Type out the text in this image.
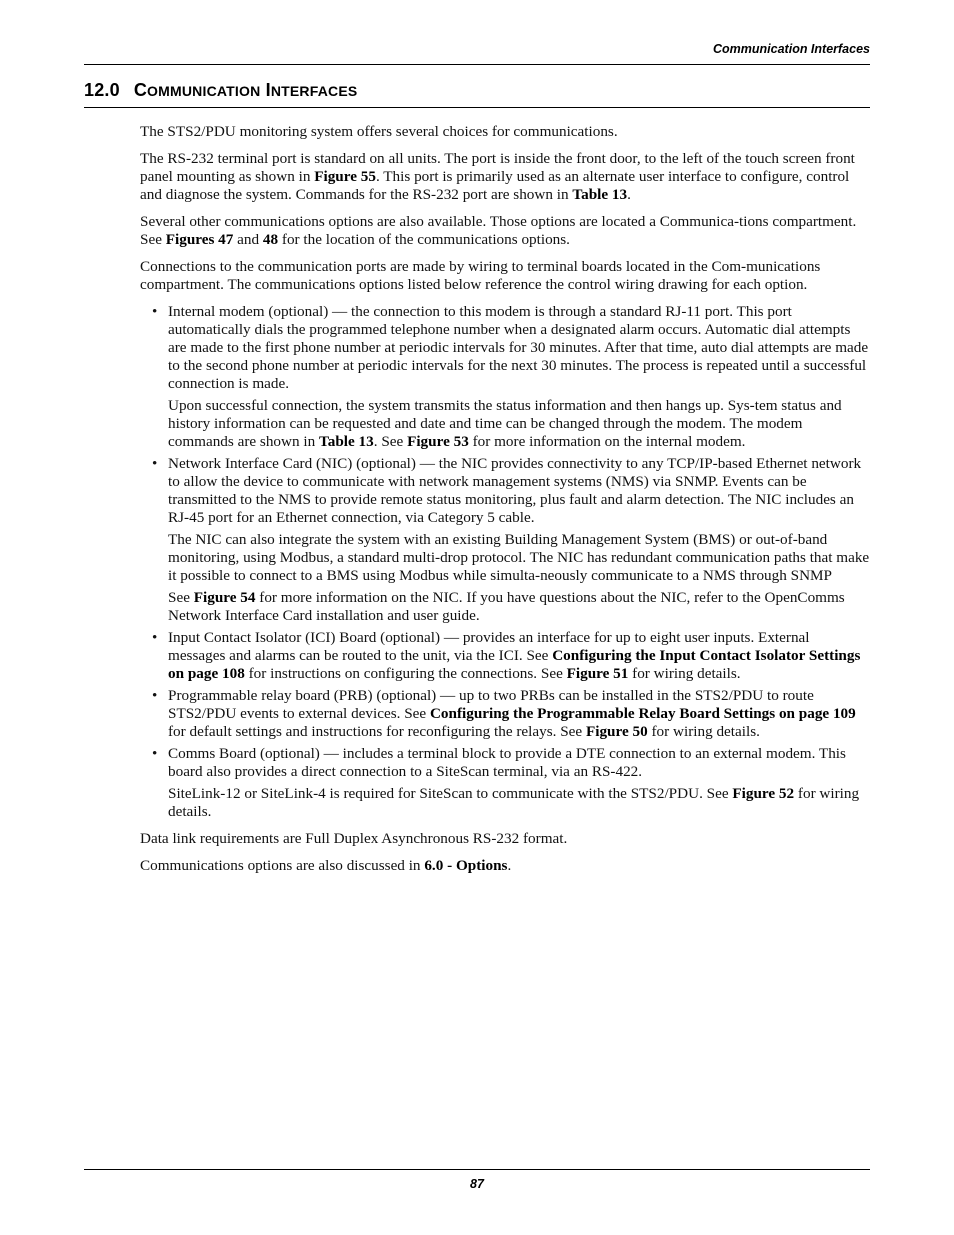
Communication Interfaces
12.0 COMMUNICATION INTERFACES

The STS2/PDU monitoring system offers several choices for communications.

The RS-232 terminal port is standard on all units. The port is inside the front door, to the left of the touch screen front panel mounting as shown in Figure 55. This port is primarily used as an alternate user interface to configure, control and diagnose the system. Commands for the RS-232 port are shown in Table 13.

Several other communications options are also available. Those options are located a Communica-tions compartment. See Figures 47 and 48 for the location of the communications options.

Connections to the communication ports are made by wiring to terminal boards located in the Com-munications compartment. The communications options listed below reference the control wiring drawing for each option.

• Internal modem (optional) — the connection to this modem is through a standard RJ-11 port. This port automatically dials the programmed telephone number when a designated alarm occurs. Automatic dial attempts are made to the first phone number at periodic intervals for 30 minutes. After that time, auto dial attempts are made to the second phone number at periodic intervals for the next 30 minutes. The process is repeated until a successful connection is made.

Upon successful connection, the system transmits the status information and then hangs up. Sys-tem status and history information can be requested and date and time can be changed through the modem. The modem commands are shown in Table 13. See Figure 53 for more information on the internal modem.

• Network Interface Card (NIC) (optional) — the NIC provides connectivity to any TCP/IP-based Ethernet network to allow the device to communicate with network management systems (NMS) via SNMP. Events can be transmitted to the NMS to provide remote status monitoring, plus fault and alarm detection. The NIC includes an RJ-45 port for an Ethernet connection, via Category 5 cable.

The NIC can also integrate the system with an existing Building Management System (BMS) or out-of-band monitoring, using Modbus, a standard multi-drop protocol. The NIC has redundant communication paths that make it possible to connect to a BMS using Modbus while simulta-neously communicate to a NMS through SNMP

See Figure 54 for more information on the NIC. If you have questions about the NIC, refer to the OpenComms Network Interface Card installation and user guide.

• Input Contact Isolator (ICI) Board (optional) — provides an interface for up to eight user inputs. External messages and alarms can be routed to the unit, via the ICI. See Configuring the Input Contact Isolator Settings on page 108 for instructions on configuring the connections. See Figure 51 for wiring details.

• Programmable relay board (PRB) (optional) — up to two PRBs can be installed in the STS2/PDU to route STS2/PDU events to external devices. See Configuring the Programmable Relay Board Settings on page 109 for default settings and instructions for reconfiguring the relays. See Figure 50 for wiring details.

• Comms Board (optional) — includes a terminal block to provide a DTE connection to an external modem. This board also provides a direct connection to a SiteScan terminal, via an RS-422.

SiteLink-12 or SiteLink-4 is required for SiteScan to communicate with the STS2/PDU. See Figure 52 for wiring details.

Data link requirements are Full Duplex Asynchronous RS-232 format.

Communications options are also discussed in 6.0 - Options.

87
